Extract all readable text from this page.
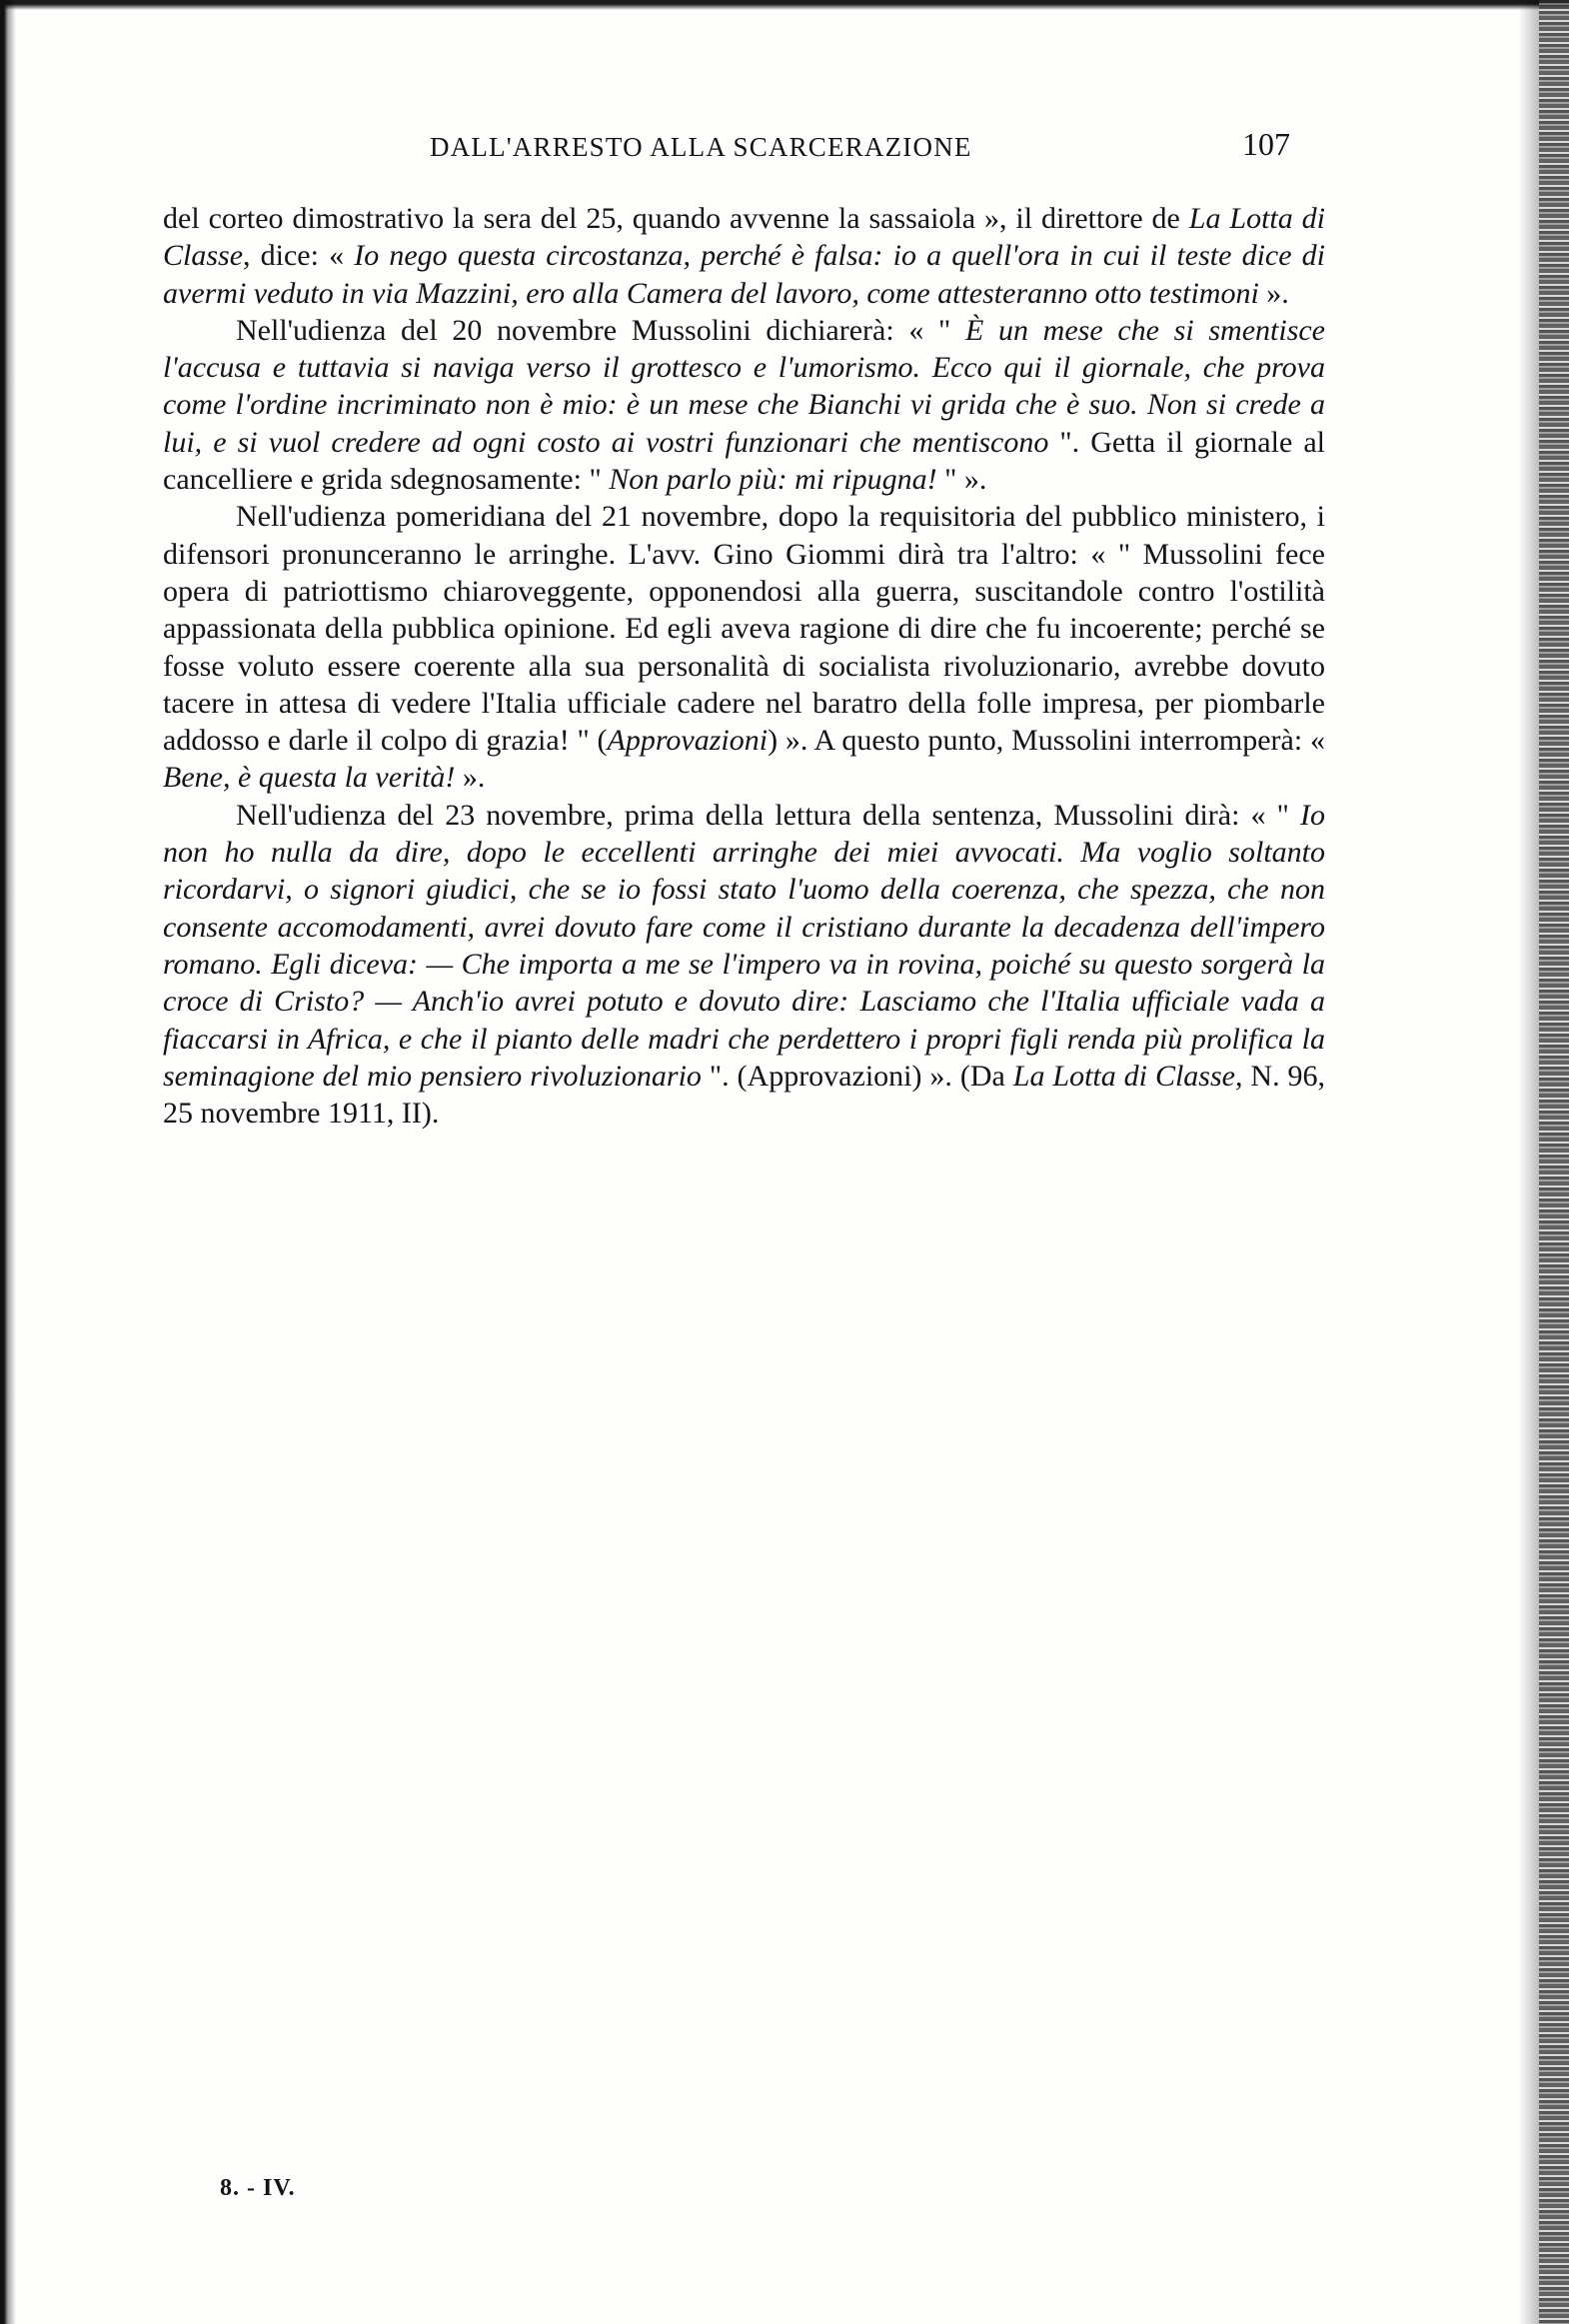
DALL'ARRESTO ALLA SCARCERAZIONE	107

del corteo dimostrativo la sera del 25, quando avvenne la sassaiola », il direttore de La Lotta di Classe, dice: « Io nego questa circostanza, perché è falsa: io a quell'ora in cui il teste dice di avermi veduto in via Mazzini, ero alla Camera del lavoro, come attesteranno otto testimoni ».

Nell'udienza del 20 novembre Mussolini dichiarerà: « " È un mese che si smentisce l'accusa e tuttavia si naviga verso il grottesco e l'umorismo. Ecco qui il giornale, che prova come l'ordine incriminato non è mio: è un mese che Bianchi vi grida che è suo. Non si crede a lui, e si vuol credere ad ogni costo ai vostri funzionari che mentiscono ". Getta il giornale al cancelliere e grida sdegnosamente: " Non parlo più: mi ripugna! " ».

Nell'udienza pomeridiana del 21 novembre, dopo la requisitoria del pubblico ministero, i difensori pronunceranno le arringhe. L'avv. Gino Giommi dirà tra l'altro: « " Mussolini fece opera di patriottismo chiaroveggente, opponendosi alla guerra, suscitandole contro l'ostilità appassionata della pubblica opinione. Ed egli aveva ragione di dire che fu incoerente; perché se fosse voluto essere coerente alla sua personalità di socialista rivoluzionario, avrebbe dovuto tacere in attesa di vedere l'Italia ufficiale cadere nel baratro della folle impresa, per piombarle addosso e darle il colpo di grazia! " (Approvazioni) ». A questo punto, Mussolini interromperà: « Bene, è questa la verità! ».

Nell'udienza del 23 novembre, prima della lettura della sentenza, Mussolini dirà: « " Io non ho nulla da dire, dopo le eccellenti arringhe dei miei avvocati. Ma voglio soltanto ricordarvi, o signori giudici, che se io fossi stato l'uomo della coerenza, che spezza, che non consente accomodamenti, avrei dovuto fare come il cristiano durante la decadenza dell'impero romano. Egli diceva: — Che importa a me se l'impero va in rovina, poiché su questo sorgerà la croce di Cristo? — Anch'io avrei potuto e dovuto dire: Lasciamo che l'Italia ufficiale vada a fiaccarsi in Africa, e che il pianto delle madri che perdettero i propri figli renda più prolifica la seminagione del mio pensiero rivoluzionario ". (Approvazioni) ». (Da La Lotta di Classe, N. 96, 25 novembre 1911, II).

8. - IV.
